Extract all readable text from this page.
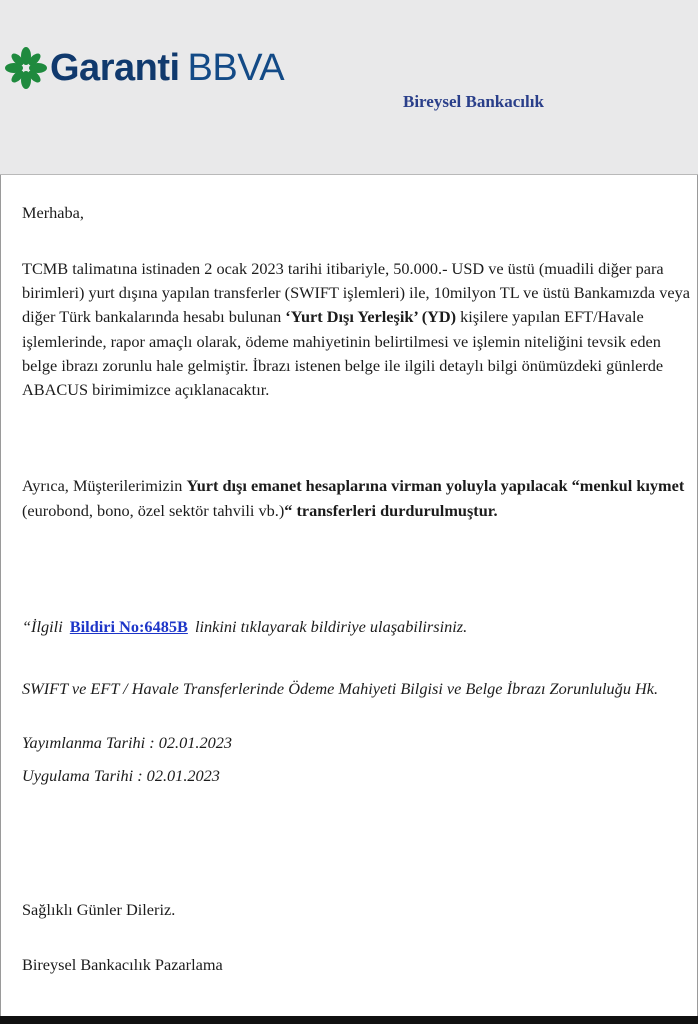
Garanti BBVA
Bireysel Bankacılık
Merhaba,

TCMB talimatına istinaden 2 ocak 2023 tarihi itibariyle, 50.000.- USD ve üstü (muadili diğer para birimleri) yurt dışına yapılan transferler (SWIFT işlemleri) ile, 10milyon TL ve üstü Bankamızda veya diğer Türk bankalarında hesabı bulunan ‘Yurt Dışı Yerleşik’ (YD) kişilere yapılan EFT/Havale işlemlerinde, rapor amaçlı olarak, ödeme mahiyetinin belirtilmesi ve işlemin niteliğini tevsik eden belge ibrazı zorunlu hale gelmiştir. İbrazı istenen belge ile ilgili detaylı bilgi önümüzdeki günlerde ABACUS birimimizce açıklanacaktır.

Ayrıca, Müşterilerimizin Yurt dışı emanet hesaplarına virman yoluyla yapılacak “menkul kıymet (eurobond, bono, özel sektör tahvili vb.)“ transferleri durdurulmuştur.

“İlgili Bildiri No:6485B linkini tıklayarak bildiriye ulaşabilirsiniz.
SWIFT ve EFT / Havale Transferlerinde Ödeme Mahiyeti Bilgisi ve Belge İbrazı Zorunluluğu Hk.
Yayımlanma Tarihi : 02.01.2023
Uygulama Tarihi : 02.01.2023
Sağlıklı Günler Dileriz.
Bireysel Bankacılık Pazarlama
